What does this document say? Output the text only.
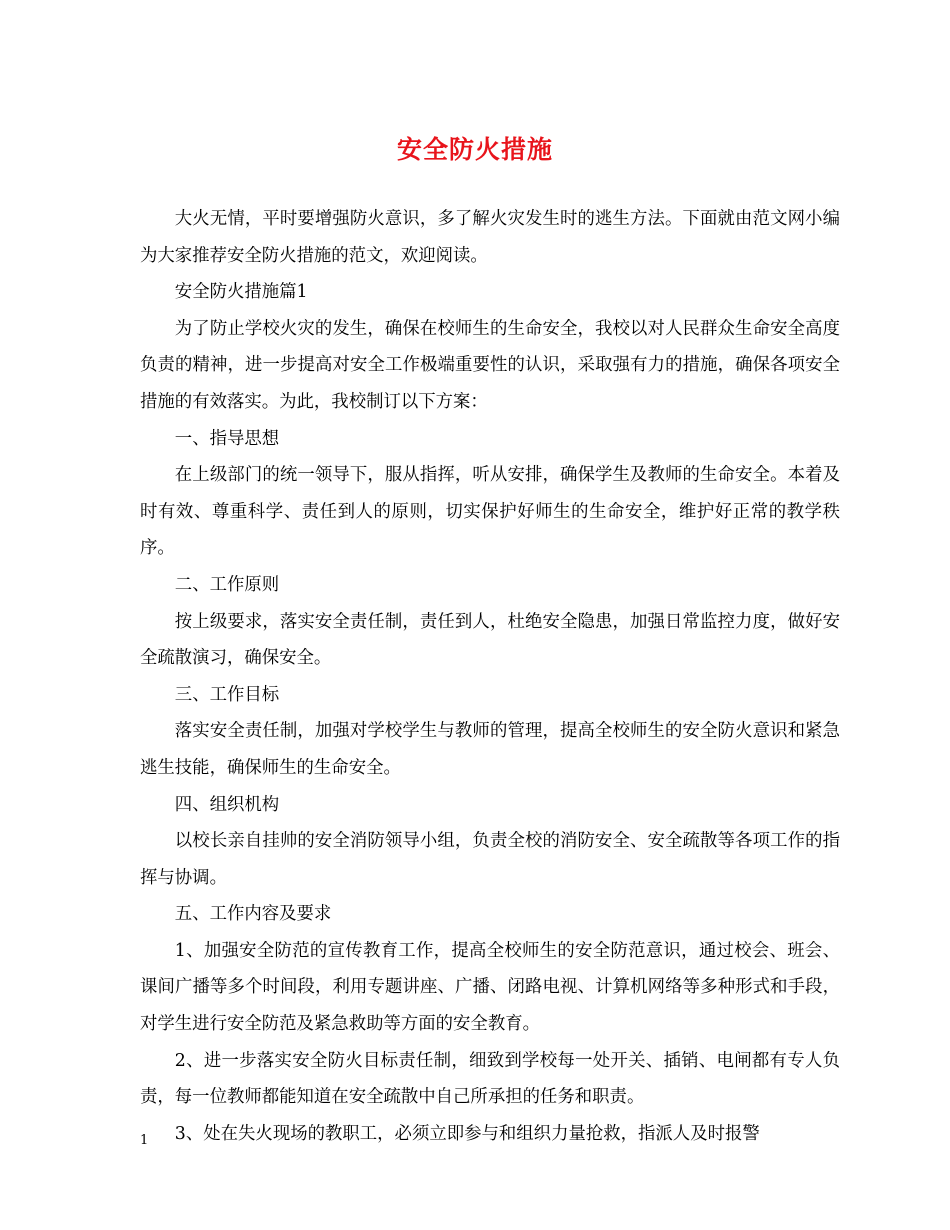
安全防火措施

大火无情，平时要增强防火意识，多了解火灾发生时的逃生方法。下面就由范文网小编为大家推荐安全防火措施的范文，欢迎阅读。

安全防火措施篇1

为了防止学校火灾的发生，确保在校师生的生命安全，我校以对人民群众生命安全高度负责的精神，进一步提高对安全工作极端重要性的认识，采取强有力的措施，确保各项安全措施的有效落实。为此，我校制订以下方案：

一、指导思想

在上级部门的统一领导下，服从指挥，听从安排，确保学生及教师的生命安全。本着及时有效、尊重科学、责任到人的原则，切实保护好师生的生命安全，维护好正常的教学秩序。

二、工作原则

按上级要求，落实安全责任制，责任到人，杜绝安全隐患，加强日常监控力度，做好安全疏散演习，确保安全。

三、工作目标

落实安全责任制，加强对学校学生与教师的管理，提高全校师生的安全防火意识和紧急逃生技能，确保师生的生命安全。

四、组织机构

以校长亲自挂帅的安全消防领导小组，负责全校的消防安全、安全疏散等各项工作的指挥与协调。

五、工作内容及要求

1、加强安全防范的宣传教育工作，提高全校师生的安全防范意识，通过校会、班会、课间广播等多个时间段，利用专题讲座、广播、闭路电视、计算机网络等多种形式和手段，对学生进行安全防范及紧急救助等方面的安全教育。

2、进一步落实安全防火目标责任制，细致到学校每一处开关、插销、电闸都有专人负责，每一位教师都能知道在安全疏散中自己所承担的任务和职责。

3、处在失火现场的教职工，必须立即参与和组织力量抢救，指派人及时报警

1
